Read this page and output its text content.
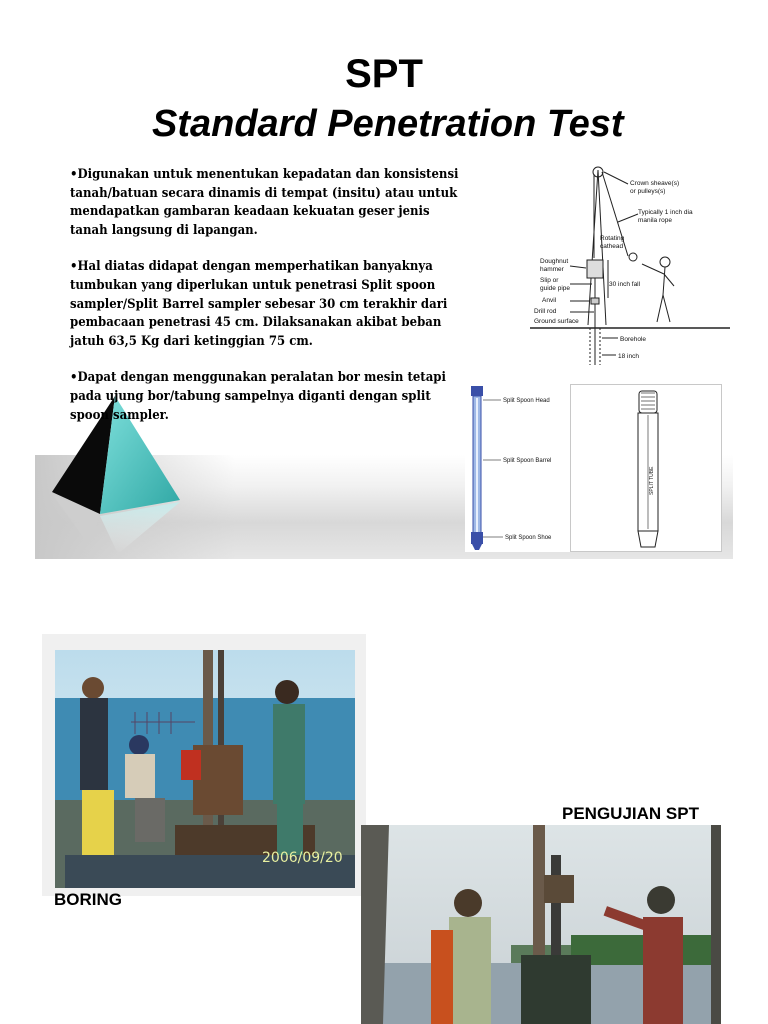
SPT
Standard Penetration Test

•Digunakan untuk menentukan kepadatan dan konsistensi tanah/batuan secara dinamis di tempat (insitu) atau untuk mendapatkan gambaran keadaan kekuatan geser jenis tanah langsung di lapangan.

•Hal diatas didapat dengan memperhatikan banyaknya tumbukan yang diperlukan untuk penetrasi Split spoon sampler/Split Barrel sampler sebesar 30 cm terakhir dari pembacaan penetrasi 45 cm. Dilaksanakan akibat beban jatuh 63,5 Kg dari ketinggian 75 cm.

•Dapat dengan menggunakan peralatan bor mesin tetapi pada ujung bor/tabung sampelnya diganti dengan split spoon sampler.

Crown sheave(s)
or pulleys(s)
Typically 1 inch dia
manila rope
Rotating
cathead
Doughnut
hammer
Slip or
guide pipe
Anvil
30 inch fall
Drill rod
Ground surface
Borehole
18 inch
Split Spoon Head
Split Spoon Barrel
Split Spoon Shoe
SPLIT TUBE
2006/09/20
PENGUJIAN SPT
BORING
